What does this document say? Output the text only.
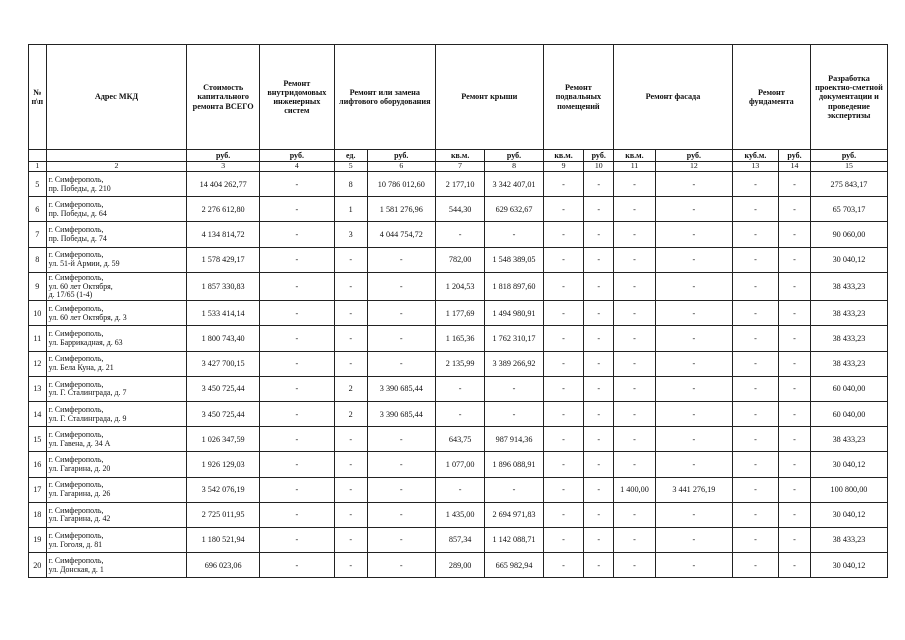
№ п\п	Адрес МКД	Стоимость капитального ремонта ВСЕГО	Ремонт внутридомовых инженерных систем	Ремонт или замена лифтового оборудования		Ремонт крыши		Ремонт подвальных помещений		Ремонт фасада		Ремонт фундамента		Разработка проектно-сметной документации и проведение экспертизы
		руб.	руб.	ед.	руб.	кв.м.	руб.	кв.м.	руб.	кв.м.	руб.	куб.м.	руб.	руб.
1	2	3	4	5	6	7	8	9	10	11	12	13	14	15
5	г. Симферополь,
пр. Победы, д. 210	14 404 262,77	-	8	10 786 012,60	2 177,10	3 342 407,01	-	-	-	-	-	-	275 843,17
6	г. Симферополь,
пр. Победы, д. 64	2 276 612,80	-	1	1 581 276,96	544,30	629 632,67	-	-	-	-	-	-	65 703,17
7	г. Симферополь,
пр. Победы, д. 74	4 134 814,72	-	3	4 044 754,72	-	-	-	-	-	-	-	-	90 060,00
8	г. Симферополь,
ул. 51-й Армии, д. 59	1 578 429,17	-	-	-	782,00	1 548 389,05	-	-	-	-	-	-	30 040,12
9	г. Симферополь,
ул. 60 лет Октября,
д. 17/65 (1-4)	1 857 330,83	-	-	-	1 204,53	1 818 897,60	-	-	-	-	-	-	38 433,23
10	г. Симферополь,
ул. 60 лет Октября, д. 3	1 533 414,14	-	-	-	1 177,69	1 494 980,91	-	-	-	-	-	-	38 433,23
11	г. Симферополь,
ул. Баррикадная, д. 63	1 800 743,40	-	-	-	1 165,36	1 762 310,17	-	-	-	-	-	-	38 433,23
12	г. Симферополь,
ул. Бела Куна, д. 21	3 427 700,15	-	-	-	2 135,99	3 389 266,92	-	-	-	-	-	-	38 433,23
13	г. Симферополь,
ул. Г. Сталинграда, д. 7	3 450 725,44	-	2	3 390 685,44	-	-	-	-	-	-	-	-	60 040,00
14	г. Симферополь,
ул. Г. Сталинграда, д. 9	3 450 725,44	-	2	3 390 685,44	-	-	-	-	-	-	-	-	60 040,00
15	г. Симферополь,
ул. Гавена, д. 34 А	1 026 347,59	-	-	-	643,75	987 914,36	-	-	-	-	-	-	38 433,23
16	г. Симферополь,
ул. Гагарина, д. 20	1 926 129,03	-	-	-	1 077,00	1 896 088,91	-	-	-	-	-	-	30 040,12
17	г. Симферополь,
ул. Гагарина, д. 26	3 542 076,19	-	-	-	-	-	-	-	1 400,00	3 441 276,19	-	-	100 800,00
18	г. Симферополь,
ул. Гагарина, д. 42	2 725 011,95	-	-	-	1 435,00	2 694 971,83	-	-	-	-	-	-	30 040,12
19	г. Симферополь,
ул. Гоголя, д. 81	1 180 521,94	-	-	-	857,34	1 142 088,71	-	-	-	-	-	-	38 433,23
20	г. Симферополь,
ул. Донская, д. 1	696 023,06	-	-	-	289,00	665 982,94	-	-	-	-	-	-	30 040,12
